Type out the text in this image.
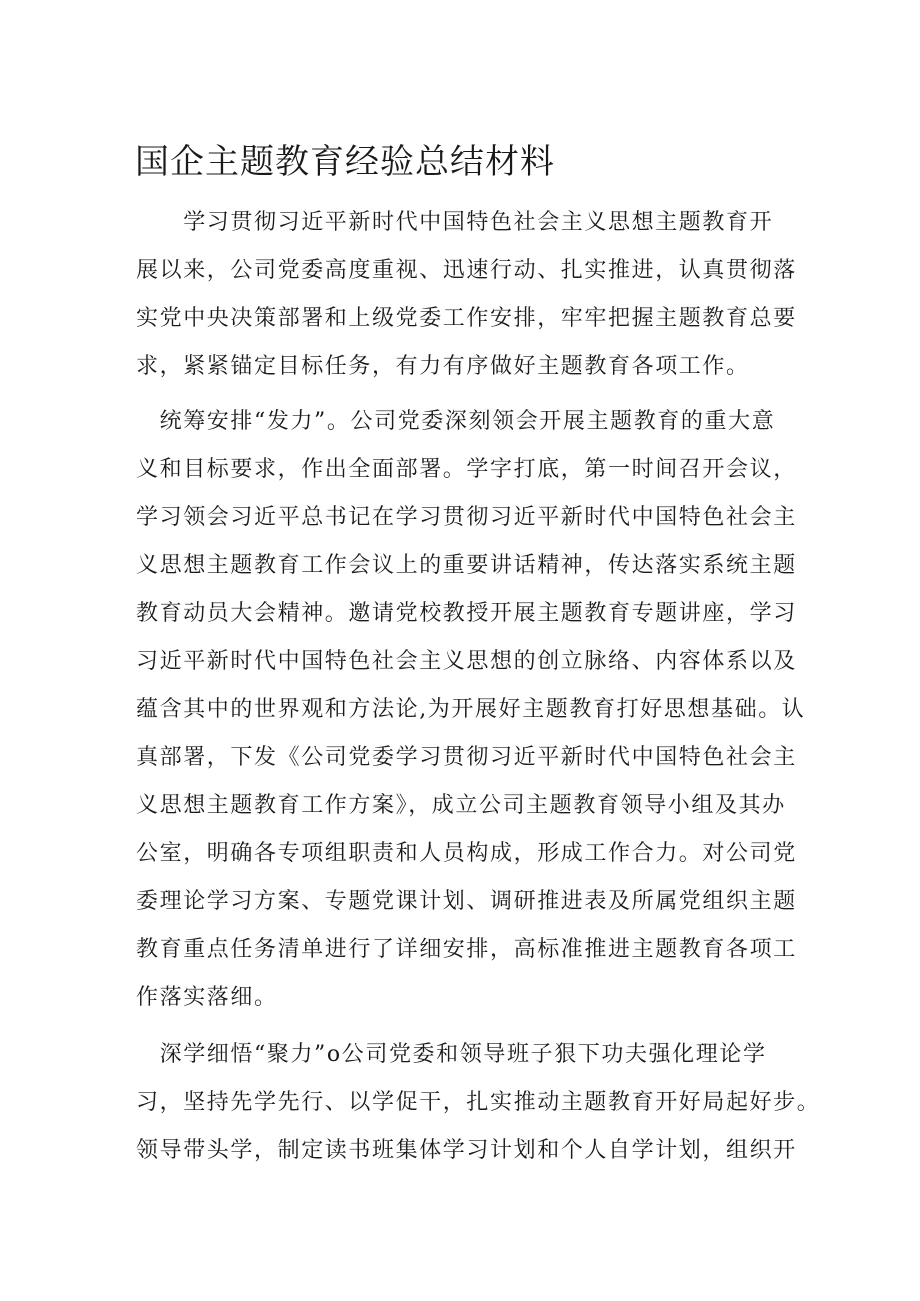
国企主题教育经验总结材料
　　学习贯彻习近平新时代中国特色社会主义思想主题教育开
展以来，公司党委高度重视、迅速行动、扎实推进，认真贯彻落
实党中央决策部署和上级党委工作安排，牢牢把握主题教育总要
求，紧紧锚定目标任务，有力有序做好主题教育各项工作。
　统筹安排“发力”。公司党委深刻领会开展主题教育的重大意
义和目标要求，作出全面部署。学字打底，第一时间召开会议，
学习领会习近平总书记在学习贯彻习近平新时代中国特色社会主
义思想主题教育工作会议上的重要讲话精神，传达落实系统主题
教育动员大会精神。邀请党校教授开展主题教育专题讲座，学习
习近平新时代中国特色社会主义思想的创立脉络、内容体系以及
蕴含其中的世界观和方法论,为开展好主题教育打好思想基础。认
真部署，下发《公司党委学习贯彻习近平新时代中国特色社会主
义思想主题教育工作方案》，成立公司主题教育领导小组及其办
公室，明确各专项组职责和人员构成，形成工作合力。对公司党
委理论学习方案、专题党课计划、调研推进表及所属党组织主题
教育重点任务清单进行了详细安排，高标准推进主题教育各项工
作落实落细。
　深学细悟“聚力”o公司党委和领导班子狠下功夫强化理论学
习，坚持先学先行、以学促干，扎实推动主题教育开好局起好步。
领导带头学，制定读书班集体学习计划和个人自学计划，组织开
